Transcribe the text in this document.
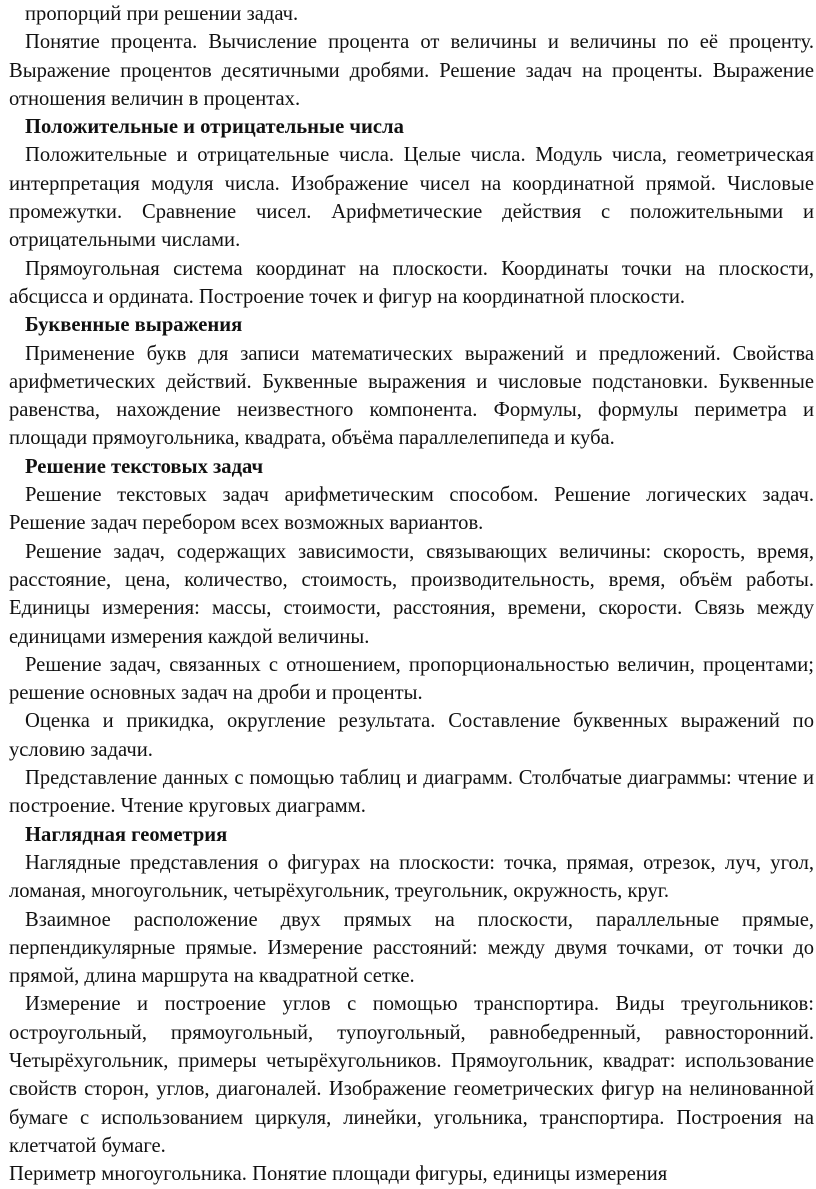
пропорций при решении задач.

Понятие процента. Вычисление процента от величины и величины по её проценту. Выражение процентов десятичными дробями. Решение задач на проценты. Выражение отношения величин в процентах.

Положительные и отрицательные числа

Положительные и отрицательные числа. Целые числа. Модуль числа, геометрическая интерпретация модуля числа. Изображение чисел на координатной прямой. Числовые промежутки. Сравнение чисел. Арифметические действия с положительными и отрицательными числами.

Прямоугольная система координат на плоскости. Координаты точки на плоскости, абсцисса и ордината. Построение точек и фигур на координатной плоскости.

Буквенные выражения

Применение букв для записи математических выражений и предложений. Свойства арифметических действий. Буквенные выражения и числовые подстановки. Буквенные равенства, нахождение неизвестного компонента. Формулы, формулы периметра и площади прямоугольника, квадрата, объёма параллелепипеда и куба.

Решение текстовых задач

Решение текстовых задач арифметическим способом. Решение логических задач. Решение задач перебором всех возможных вариантов.

Решение задач, содержащих зависимости, связывающих величины: скорость, время, расстояние, цена, количество, стоимость, производительность, время, объём работы. Единицы измерения: массы, стоимости, расстояния, времени, скорости. Связь между единицами измерения каждой величины.

Решение задач, связанных с отношением, пропорциональностью величин, процентами; решение основных задач на дроби и проценты.

Оценка и прикидка, округление результата. Составление буквенных выражений по условию задачи.

Представление данных с помощью таблиц и диаграмм. Столбчатые диаграммы: чтение и построение. Чтение круговых диаграмм.

Наглядная геометрия

Наглядные представления о фигурах на плоскости: точка, прямая, отрезок, луч, угол, ломаная, многоугольник, четырёхугольник, треугольник, окружность, круг.

Взаимное расположение двух прямых на плоскости, параллельные прямые, перпендикулярные прямые. Измерение расстояний: между двумя точками, от точки до прямой, длина маршрута на квадратной сетке.

Измерение и построение углов с помощью транспортира. Виды треугольников: остроугольный, прямоугольный, тупоугольный, равнобедренный, равносторонний. Четырёхугольник, примеры четырёхугольников. Прямоугольник, квадрат: использование свойств сторон, углов, диагоналей. Изображение геометрических фигур на нелинованной бумаге с использованием циркуля, линейки, угольника, транспортира. Построения на клетчатой бумаге.

Периметр многоугольника. Понятие площади фигуры, единицы измерения
